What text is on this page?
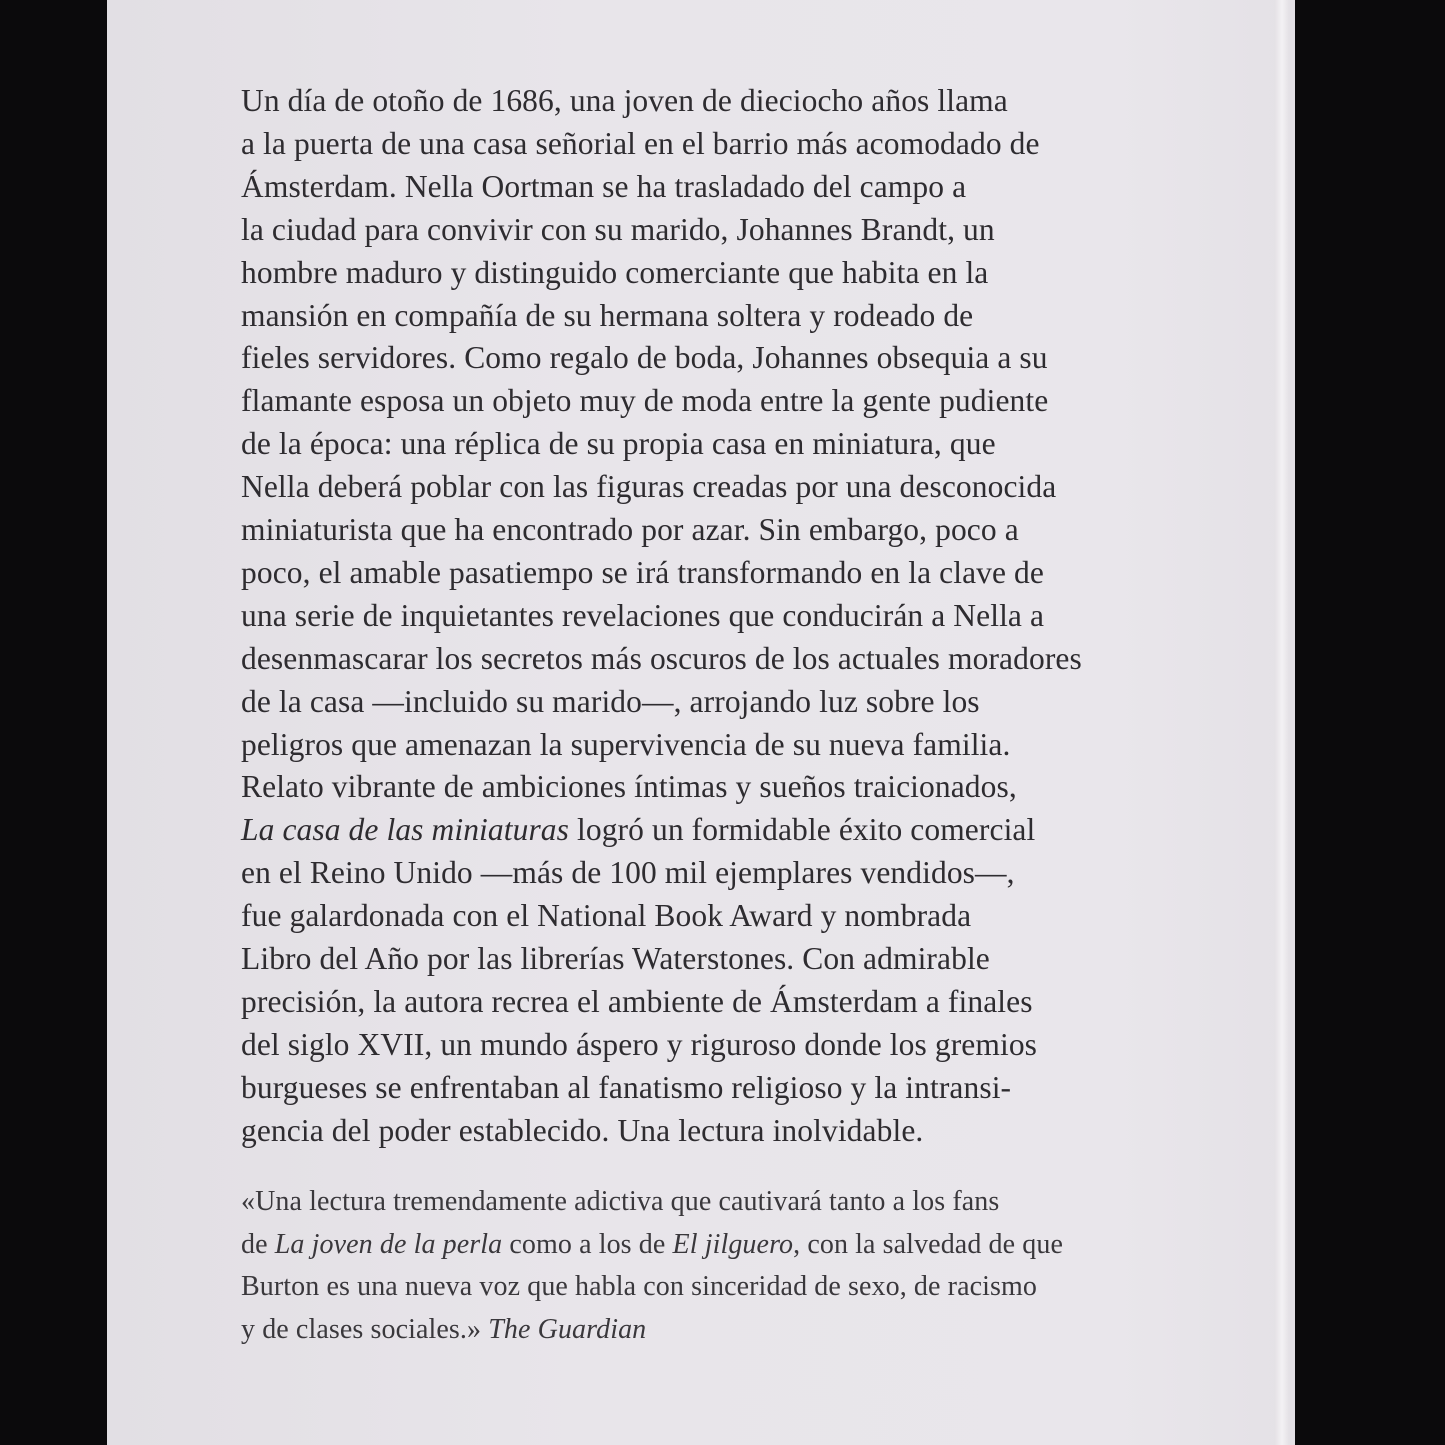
Un día de otoño de 1686, una joven de dieciocho años llama
a la puerta de una casa señorial en el barrio más acomodado de
Ámsterdam. Nella Oortman se ha trasladado del campo a
la ciudad para convivir con su marido, Johannes Brandt, un
hombre maduro y distinguido comerciante que habita en la
mansión en compañía de su hermana soltera y rodeado de
fieles servidores. Como regalo de boda, Johannes obsequia a su
flamante esposa un objeto muy de moda entre la gente pudiente
de la época: una réplica de su propia casa en miniatura, que
Nella deberá poblar con las figuras creadas por una desconocida
miniaturista que ha encontrado por azar. Sin embargo, poco a
poco, el amable pasatiempo se irá transformando en la clave de
una serie de inquietantes revelaciones que conducirán a Nella a
desenmascarar los secretos más oscuros de los actuales moradores
de la casa —incluido su marido—, arrojando luz sobre los
peligros que amenazan la supervivencia de su nueva familia.
Relato vibrante de ambiciones íntimas y sueños traicionados,
La casa de las miniaturas logró un formidable éxito comercial
en el Reino Unido —más de 100 mil ejemplares vendidos—,
fue galardonada con el National Book Award y nombrada
Libro del Año por las librerías Waterstones. Con admirable
precisión, la autora recrea el ambiente de Ámsterdam a finales
del siglo XVII, un mundo áspero y riguroso donde los gremios
burgueses se enfrentaban al fanatismo religioso y la intransi-
gencia del poder establecido. Una lectura inolvidable.
«Una lectura tremendamente adictiva que cautivará tanto a los fans
de La joven de la perla como a los de El jilguero, con la salvedad de que
Burton es una nueva voz que habla con sinceridad de sexo, de racismo
y de clases sociales.» The Guardian
